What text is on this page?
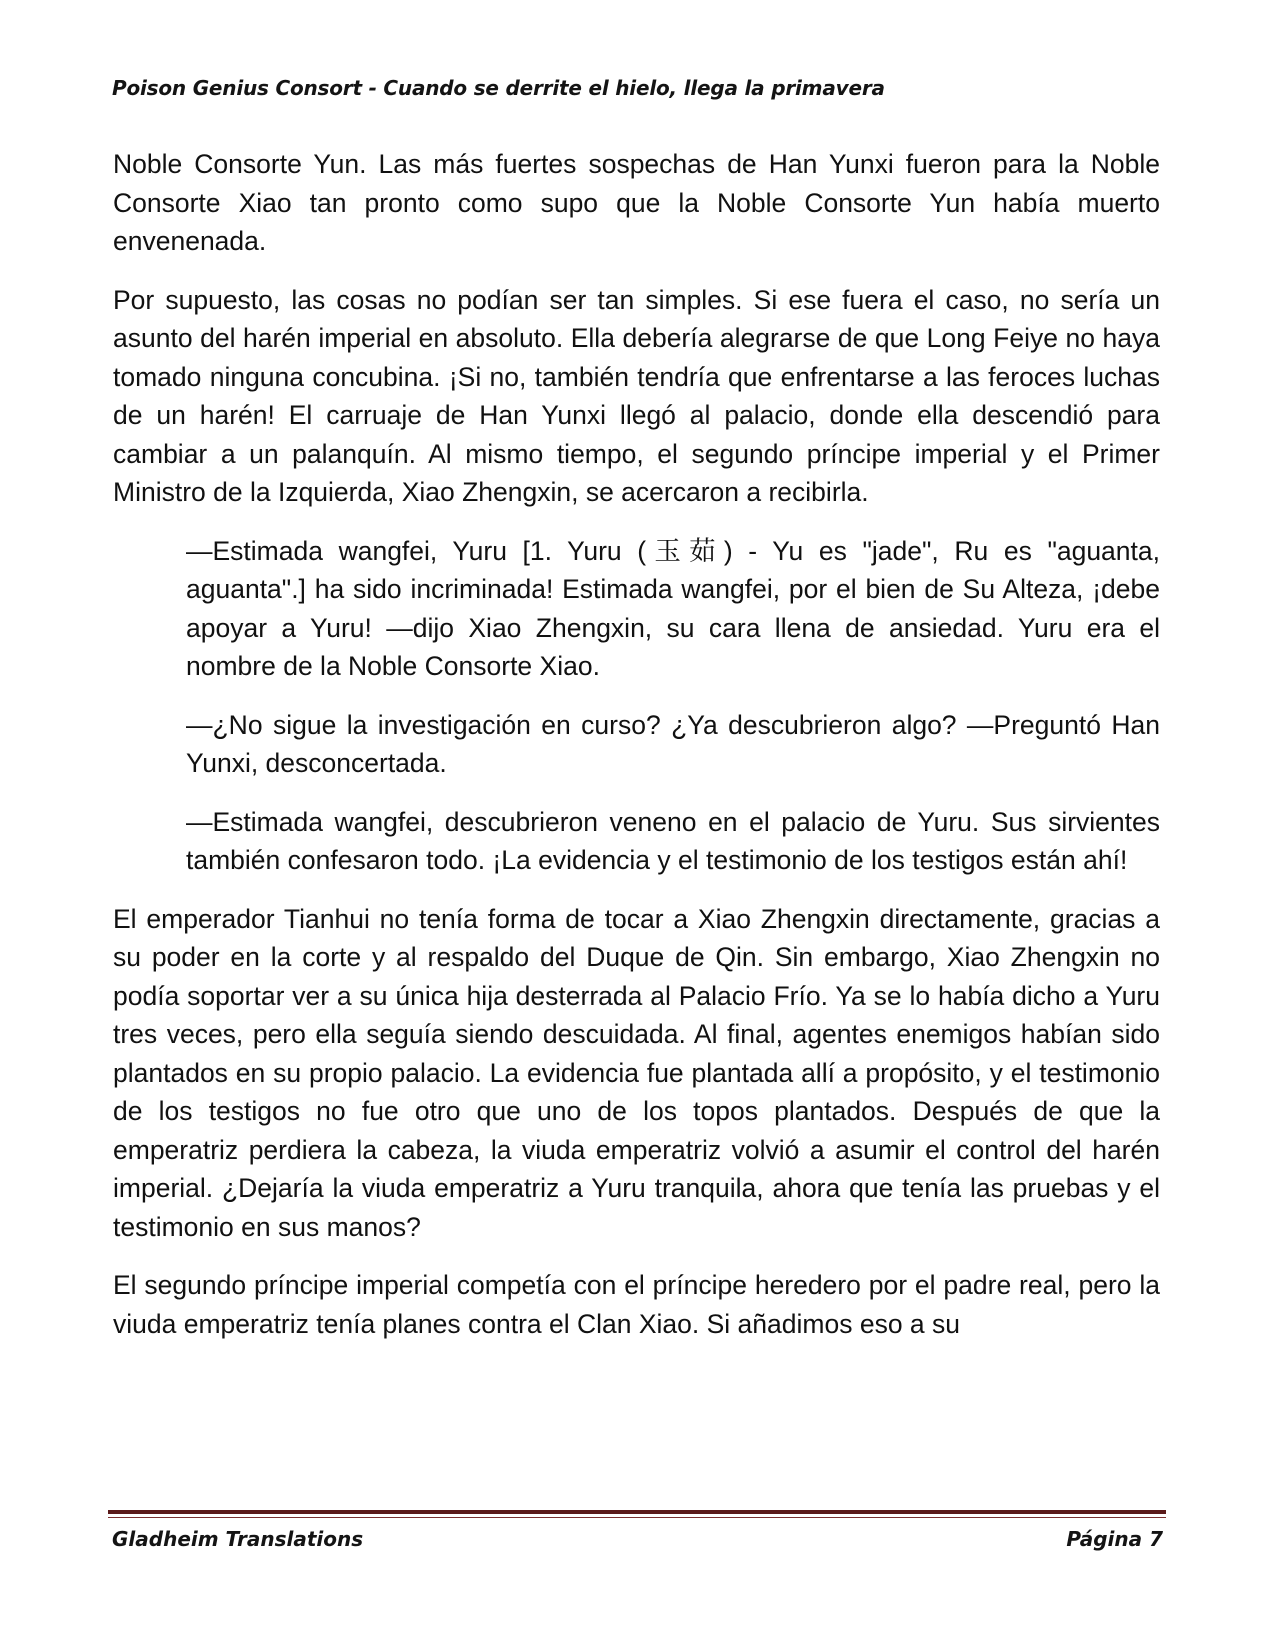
Poison Genius Consort - Cuando se derrite el hielo, llega la primavera

Noble Consorte Yun. Las más fuertes sospechas de Han Yunxi fueron para la Noble Consorte Xiao tan pronto como supo que la Noble Consorte Yun había muerto envenenada.

Por supuesto, las cosas no podían ser tan simples. Si ese fuera el caso, no sería un asunto del harén imperial en absoluto. Ella debería alegrarse de que Long Feiye no haya tomado ninguna concubina. ¡Si no, también tendría que enfrentarse a las feroces luchas de un harén! El carruaje de Han Yunxi llegó al palacio, donde ella descendió para cambiar a un palanquín. Al mismo tiempo, el segundo príncipe imperial y el Primer Ministro de la Izquierda, Xiao Zhengxin, se acercaron a recibirla.

—Estimada wangfei, Yuru [1. Yuru (玉茹) - Yu es "jade", Ru es "aguanta, aguanta".] ha sido incriminada! Estimada wangfei, por el bien de Su Alteza, ¡debe apoyar a Yuru! —dijo Xiao Zhengxin, su cara llena de ansiedad. Yuru era el nombre de la Noble Consorte Xiao.

—¿No sigue la investigación en curso? ¿Ya descubrieron algo? —Preguntó Han Yunxi, desconcertada.

—Estimada wangfei, descubrieron veneno en el palacio de Yuru. Sus sirvientes también confesaron todo. ¡La evidencia y el testimonio de los testigos están ahí!

El emperador Tianhui no tenía forma de tocar a Xiao Zhengxin directamente, gracias a su poder en la corte y al respaldo del Duque de Qin. Sin embargo, Xiao Zhengxin no podía soportar ver a su única hija desterrada al Palacio Frío. Ya se lo había dicho a Yuru tres veces, pero ella seguía siendo descuidada. Al final, agentes enemigos habían sido plantados en su propio palacio. La evidencia fue plantada allí a propósito, y el testimonio de los testigos no fue otro que uno de los topos plantados. Después de que la emperatriz perdiera la cabeza, la viuda emperatriz volvió a asumir el control del harén imperial. ¿Dejaría la viuda emperatriz a Yuru tranquila, ahora que tenía las pruebas y el testimonio en sus manos?

El segundo príncipe imperial competía con el príncipe heredero por el padre real, pero la viuda emperatriz tenía planes contra el Clan Xiao. Si añadimos eso a su

Gladheim Translations	Página 7
